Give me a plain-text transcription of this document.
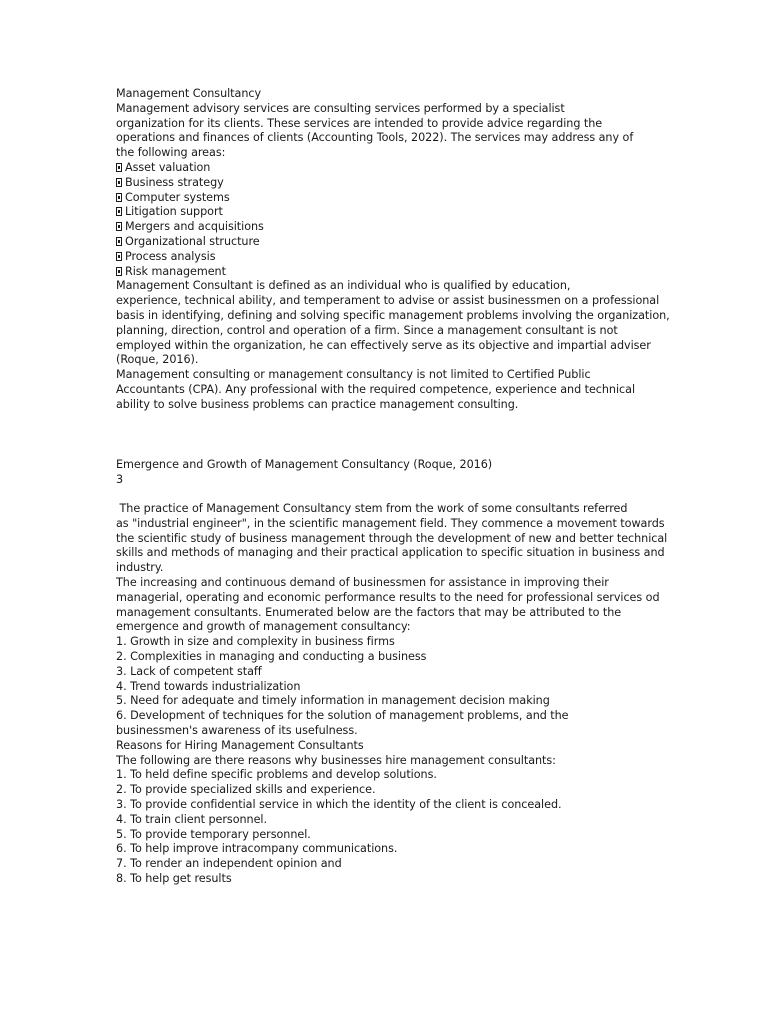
Management Consultancy
Management advisory services are consulting services performed by a specialist
organization for its clients. These services are intended to provide advice regarding the
operations and finances of clients (Accounting Tools, 2022). The services may address any of
the following areas:
Asset valuation
Business strategy
Computer systems
Litigation support
Mergers and acquisitions
Organizational structure
Process analysis
Risk management
Management Consultant is defined as an individual who is qualified by education,
experience, technical ability, and temperament to advise or assist businessmen on a professional
basis in identifying, defining and solving specific management problems involving the organization,
planning, direction, control and operation of a firm. Since a management consultant is not
employed within the organization, he can effectively serve as its objective and impartial adviser
(Roque, 2016).
Management consulting or management consultancy is not limited to Certified Public
Accountants (CPA). Any professional with the required competence, experience and technical
ability to solve business problems can practice management consulting.
Emergence and Growth of Management Consultancy (Roque, 2016)
3
The practice of Management Consultancy stem from the work of some consultants referred
as "industrial engineer", in the scientific management field. They commence a movement towards
the scientific study of business management through the development of new and better technical
skills and methods of managing and their practical application to specific situation in business and
industry.
The increasing and continuous demand of businessmen for assistance in improving their
managerial, operating and economic performance results to the need for professional services od
management consultants. Enumerated below are the factors that may be attributed to the
emergence and growth of management consultancy:
1. Growth in size and complexity in business firms
2. Complexities in managing and conducting a business
3. Lack of competent staff
4. Trend towards industrialization
5. Need for adequate and timely information in management decision making
6. Development of techniques for the solution of management problems, and the
businessmen's awareness of its usefulness.
Reasons for Hiring Management Consultants
The following are there reasons why businesses hire management consultants:
1. To held define specific problems and develop solutions.
2. To provide specialized skills and experience.
3. To provide confidential service in which the identity of the client is concealed.
4. To train client personnel.
5. To provide temporary personnel.
6. To help improve intracompany communications.
7. To render an independent opinion and
8. To help get results
